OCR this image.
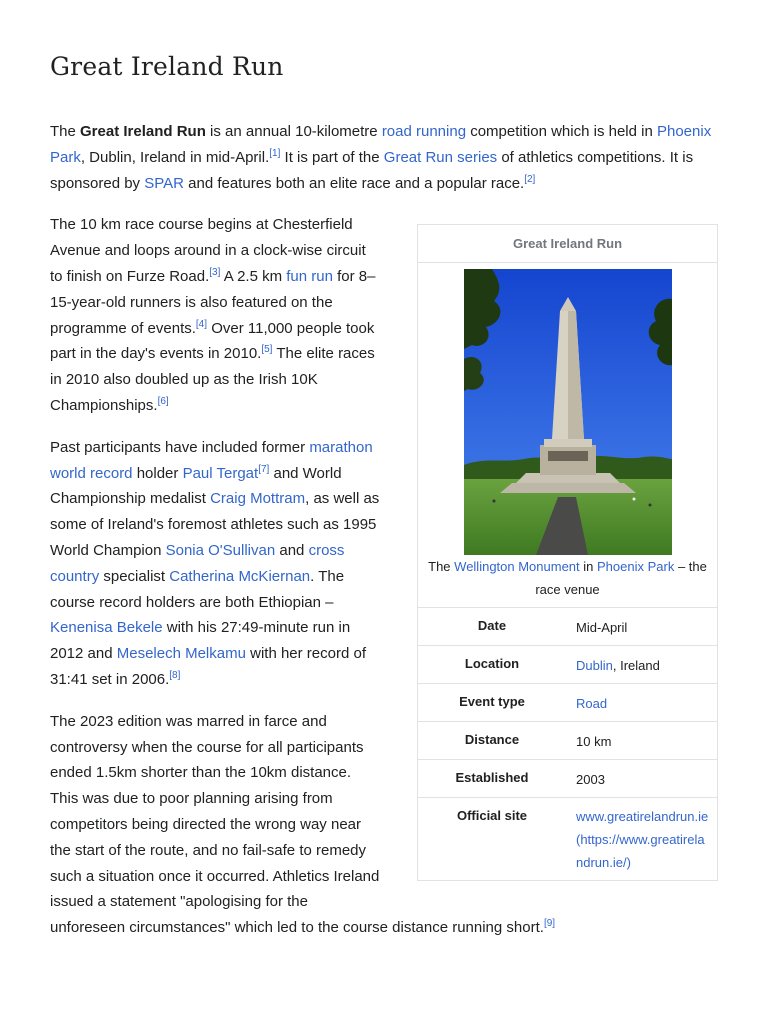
Great Ireland Run

The Great Ireland Run is an annual 10-kilometre road running competition which is held in Phoenix Park, Dublin, Ireland in mid-April.[1] It is part of the Great Run series of athletics competitions. It is sponsored by SPAR and features both an elite race and a popular race.[2]

Great Ireland Run
The Wellington Monument in Phoenix Park – the race venue
Date	Mid-April
Location	Dublin, Ireland
Event type	Road
Distance	10 km
Established	2003
Official site	www.greatirelandrun.ie (https://www.greatirelandrun.ie/)

The 10 km race course begins at Chesterfield Avenue and loops around in a clock-wise circuit to finish on Furze Road.[3] A 2.5 km fun run for 8–15-year-old runners is also featured on the programme of events.[4] Over 11,000 people took part in the day's events in 2010.[5] The elite races in 2010 also doubled up as the Irish 10K Championships.[6]

Past participants have included former marathon world record holder Paul Tergat[7] and World Championship medalist Craig Mottram, as well as some of Ireland's foremost athletes such as 1995 World Champion Sonia O'Sullivan and cross country specialist Catherina McKiernan. The course record holders are both Ethiopian – Kenenisa Bekele with his 27:49-minute run in 2012 and Meselech Melkamu with her record of 31:41 set in 2006.[8]

The 2023 edition was marred in farce and controversy when the course for all participants ended 1.5km shorter than the 10km distance. This was due to poor planning arising from competitors being directed the wrong way near the start of the route, and no fail-safe to remedy such a situation once it occurred. Athletics Ireland issued a statement "apologising for the unforeseen circumstances" which led to the course distance running short.[9]
